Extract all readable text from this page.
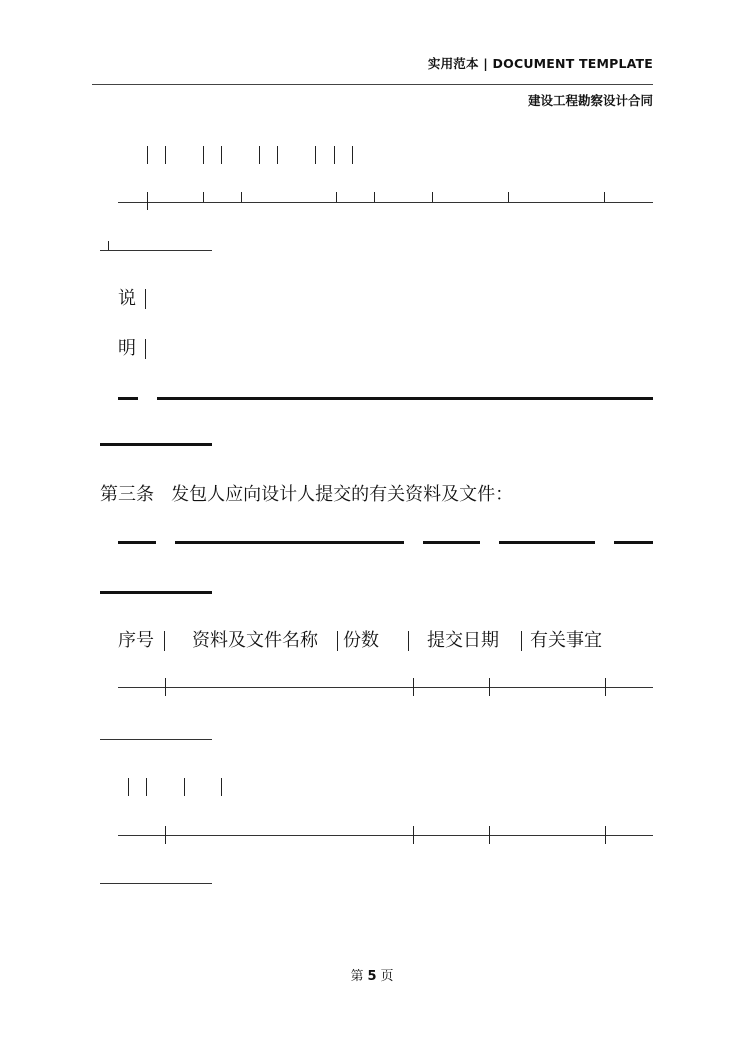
实用范本 | DOCUMENT TEMPLATE
建设工程勘察设计合同
说
明
第三条   发包人应向设计人提交的有关资料及文件：
序号 资料及文件名称 份数	提交日期 有关事宜
第 5 页
